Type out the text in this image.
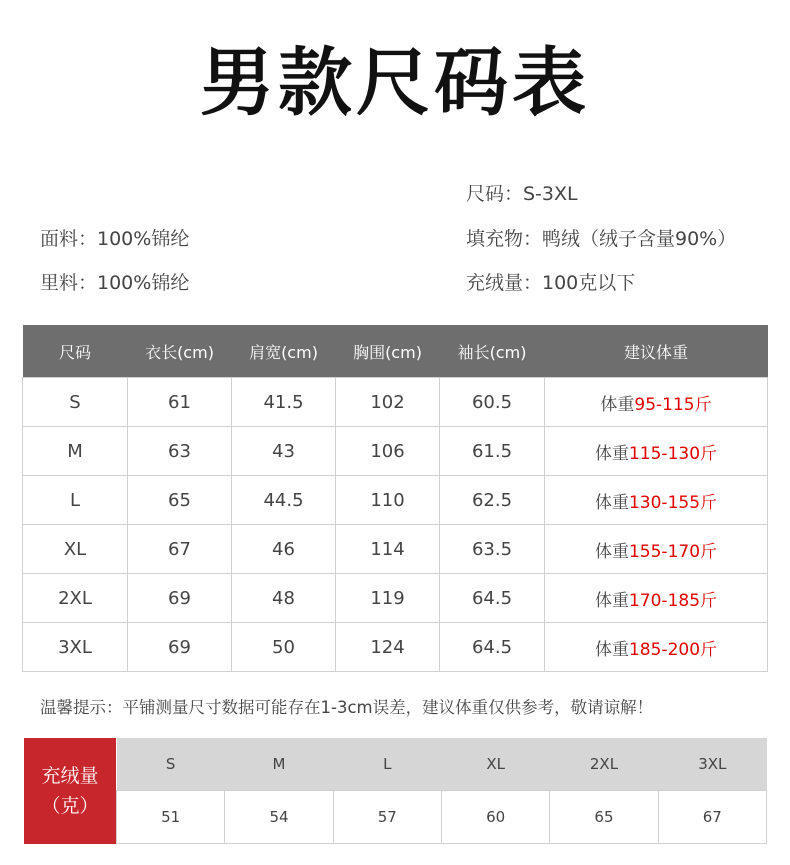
男款尺码表
尺码：S-3XL
面料：100%锦纶	填充物：鸭绒（绒子含量90%）
里料：100%锦纶	充绒量：100克以下
尺码	衣长(cm)	肩宽(cm)	胸围(cm)	袖长(cm)	建议体重
S	61	41.5	102	60.5	体重95-115斤
M	63	43	106	61.5	体重115-130斤
L	65	44.5	110	62.5	体重130-155斤
XL	67	46	114	63.5	体重155-170斤
2XL	69	48	119	64.5	体重170-185斤
3XL	69	50	124	64.5	体重185-200斤
温馨提示：平铺测量尺寸数据可能存在1-3cm误差，建议体重仅供参考，敬请谅解！
充绒量
（克）
S	M	L	XL	2XL	3XL
51	54	57	60	65	67
